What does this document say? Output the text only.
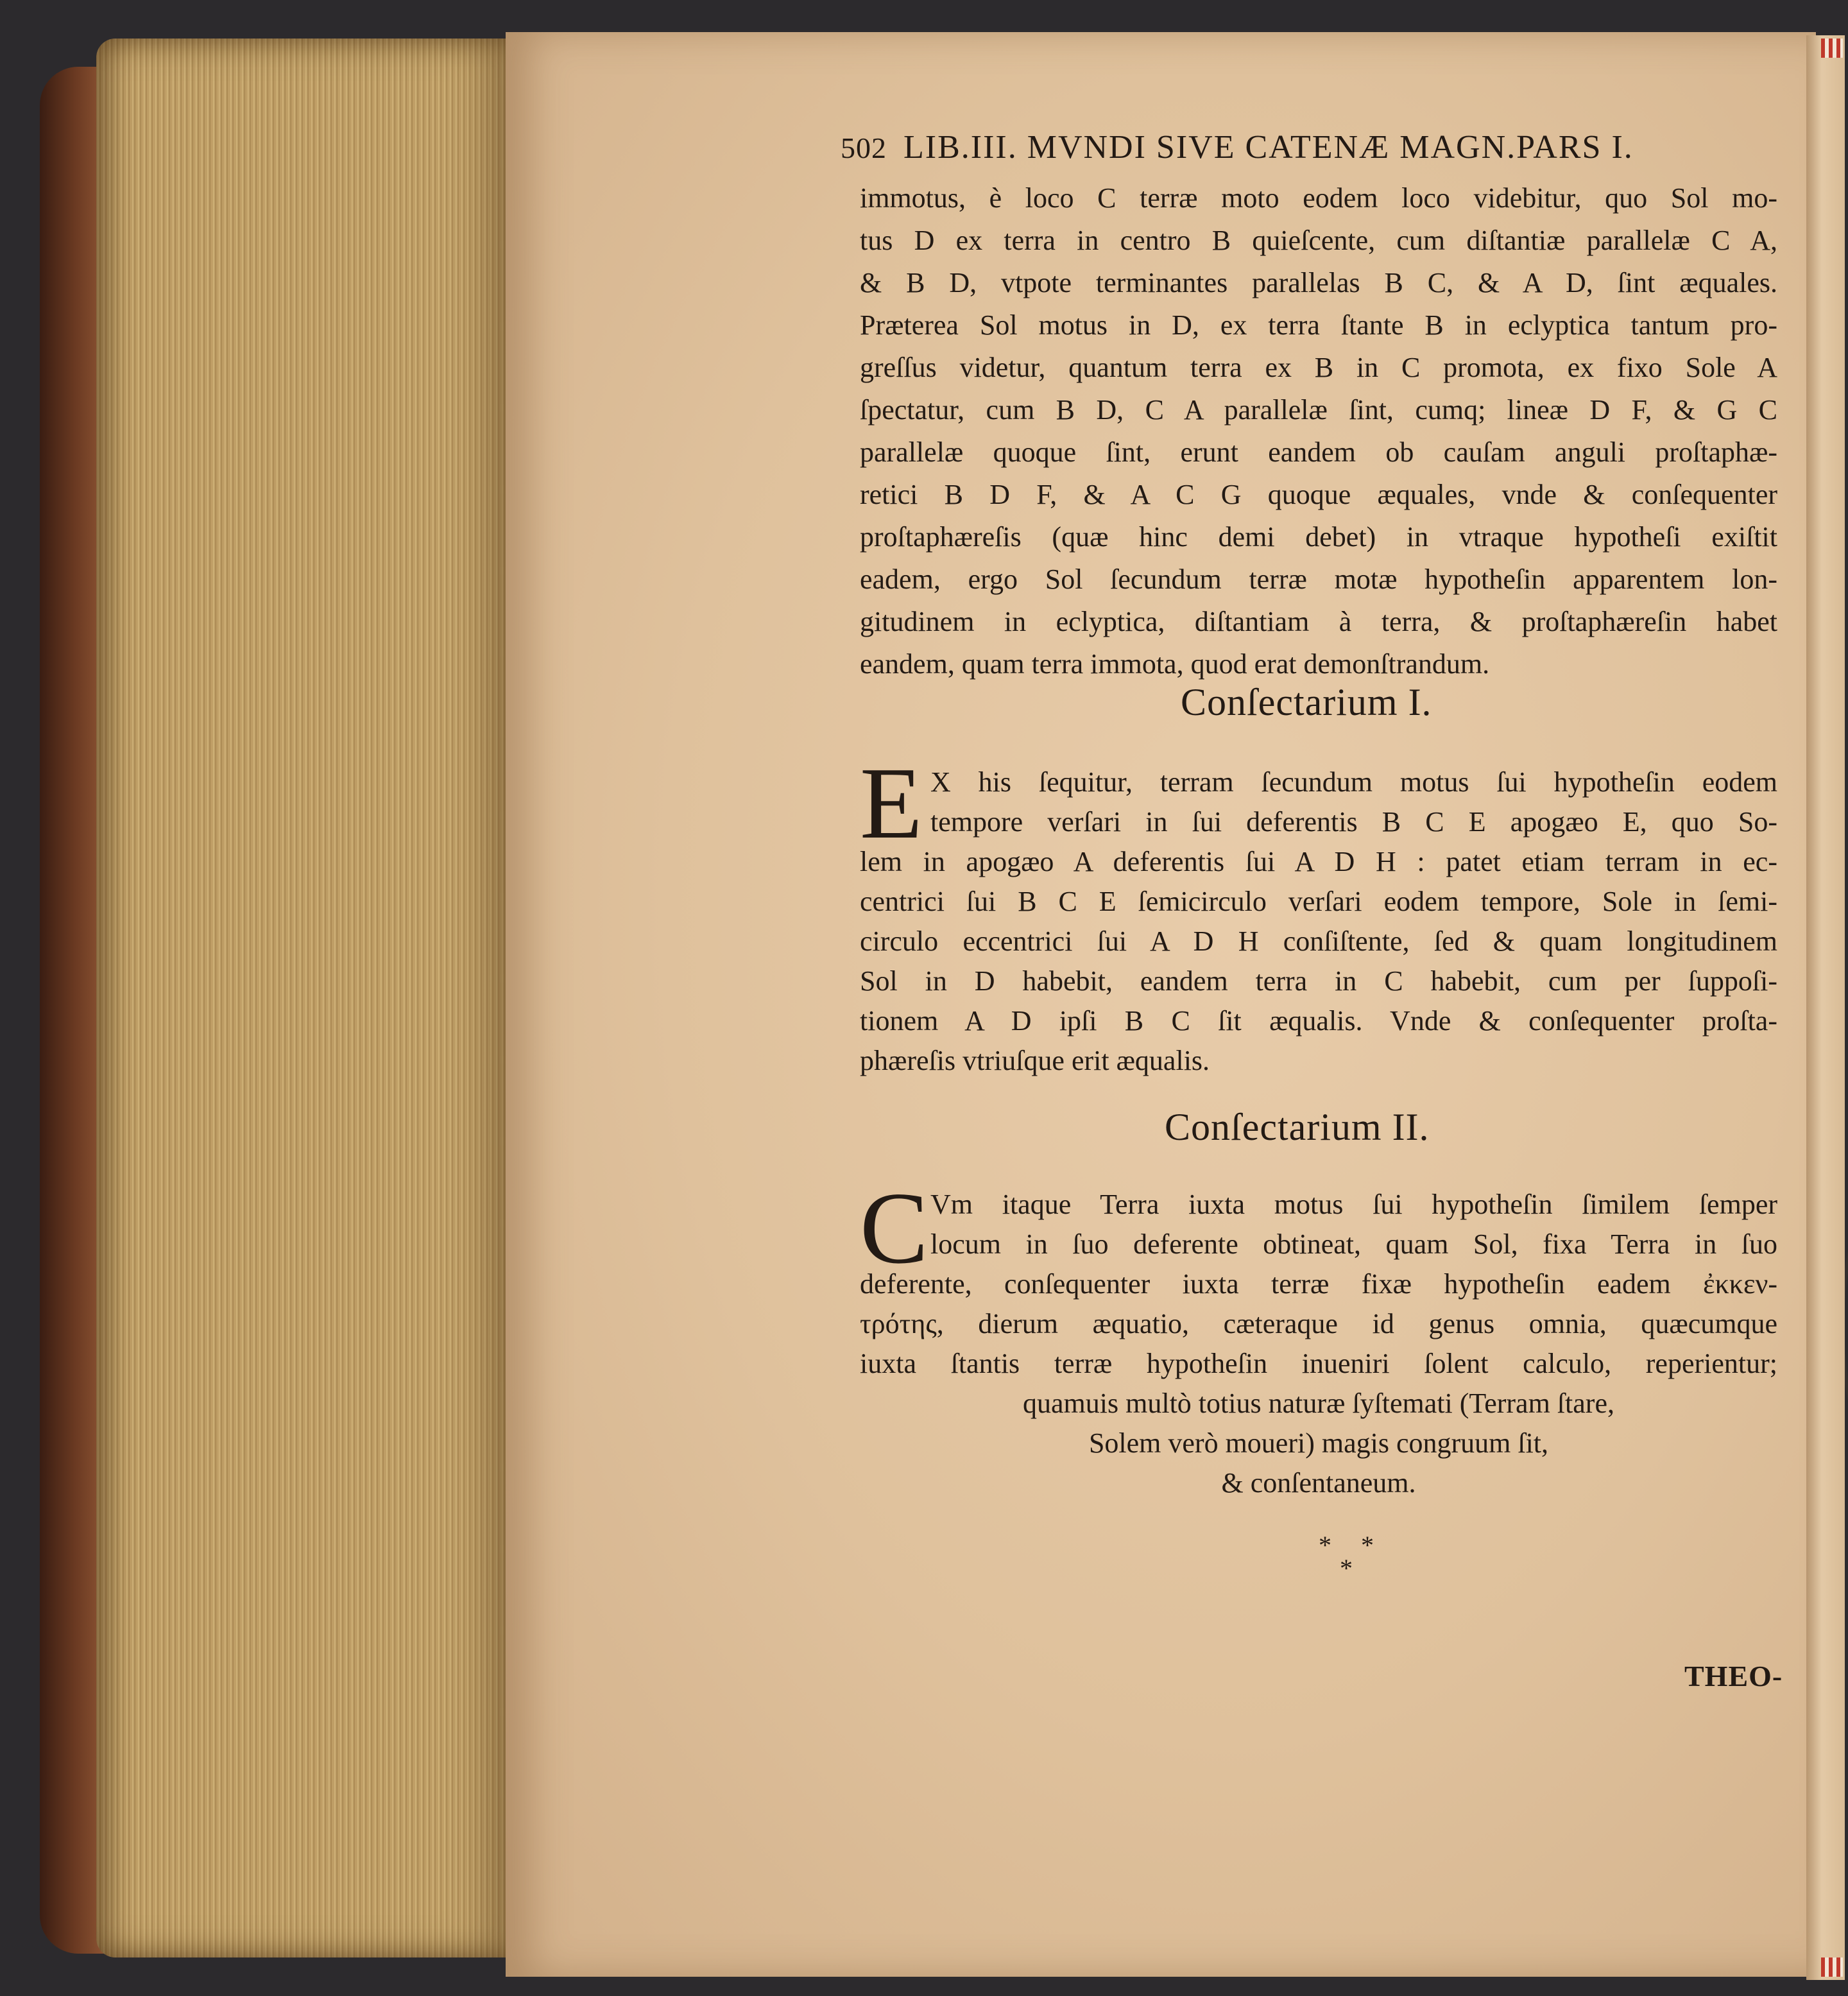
502 LIB.III. MVNDI SIVE CATENÆ MAGN.PARS I.
immotus, è loco C terræ moto eodem loco videbitur, quo Sol mo-
tus D ex terra in centro B quieſcente, cum diſtantiæ parallelæ C A,
& B D, vtpote terminantes parallelas B C, & A D, ſint æquales.
Præterea Sol motus in D, ex terra ſtante B in eclyptica tantum pro-
greſſus videtur, quantum terra ex B in C promota, ex fixo Sole A
ſpectatur, cum B D, C A parallelæ ſint, cumq; lineæ D F, & G C
parallelæ quoque ſint, erunt eandem ob cauſam anguli proſtaphæ-
retici B D F, & A C G quoque æquales, vnde & conſequenter
proſtaphæreſis (quæ hinc demi debet) in vtraque hypotheſi exiſtit
eadem, ergo Sol ſecundum terræ motæ hypotheſin apparentem lon-
gitudinem in eclyptica, diſtantiam à terra, & proſtaphæreſin habet
eandem, quam terra immota, quod erat demonſtrandum.
Conſectarium I.
E X his ſequitur, terram ſecundum motus ſui hypotheſin eodem
tempore verſari in ſui deferentis B C E apogæo E, quo So-
lem in apogæo A deferentis ſui A D H : patet etiam terram in ec-
centrici ſui B C E ſemicirculo verſari eodem tempore, Sole in ſemi-
circulo eccentrici ſui A D H conſiſtente, ſed & quam longitudinem
Sol in D habebit, eandem terra in C habebit, cum per ſuppoſi-
tionem A D ipſi B C ſit æqualis. Vnde & conſequenter proſta-
phæreſis vtriuſque erit æqualis.
Conſectarium II.
C Vm itaque Terra iuxta motus ſui hypotheſin ſimilem ſemper
locum in ſuo deferente obtineat, quam Sol, fixa Terra in ſuo
deferente, conſequenter iuxta terræ fixæ hypotheſin eadem ἐκκεν-
τρότης, dierum æquatio, cæteraque id genus omnia, quæcumque
iuxta ſtantis terræ hypotheſin inueniri ſolent calculo, reperientur;
quamuis multò totius naturæ ſyſtemati (Terram ſtare,
Solem verò moueri) magis congruum ſit,
& conſentaneum.
* *
*
THEO-
